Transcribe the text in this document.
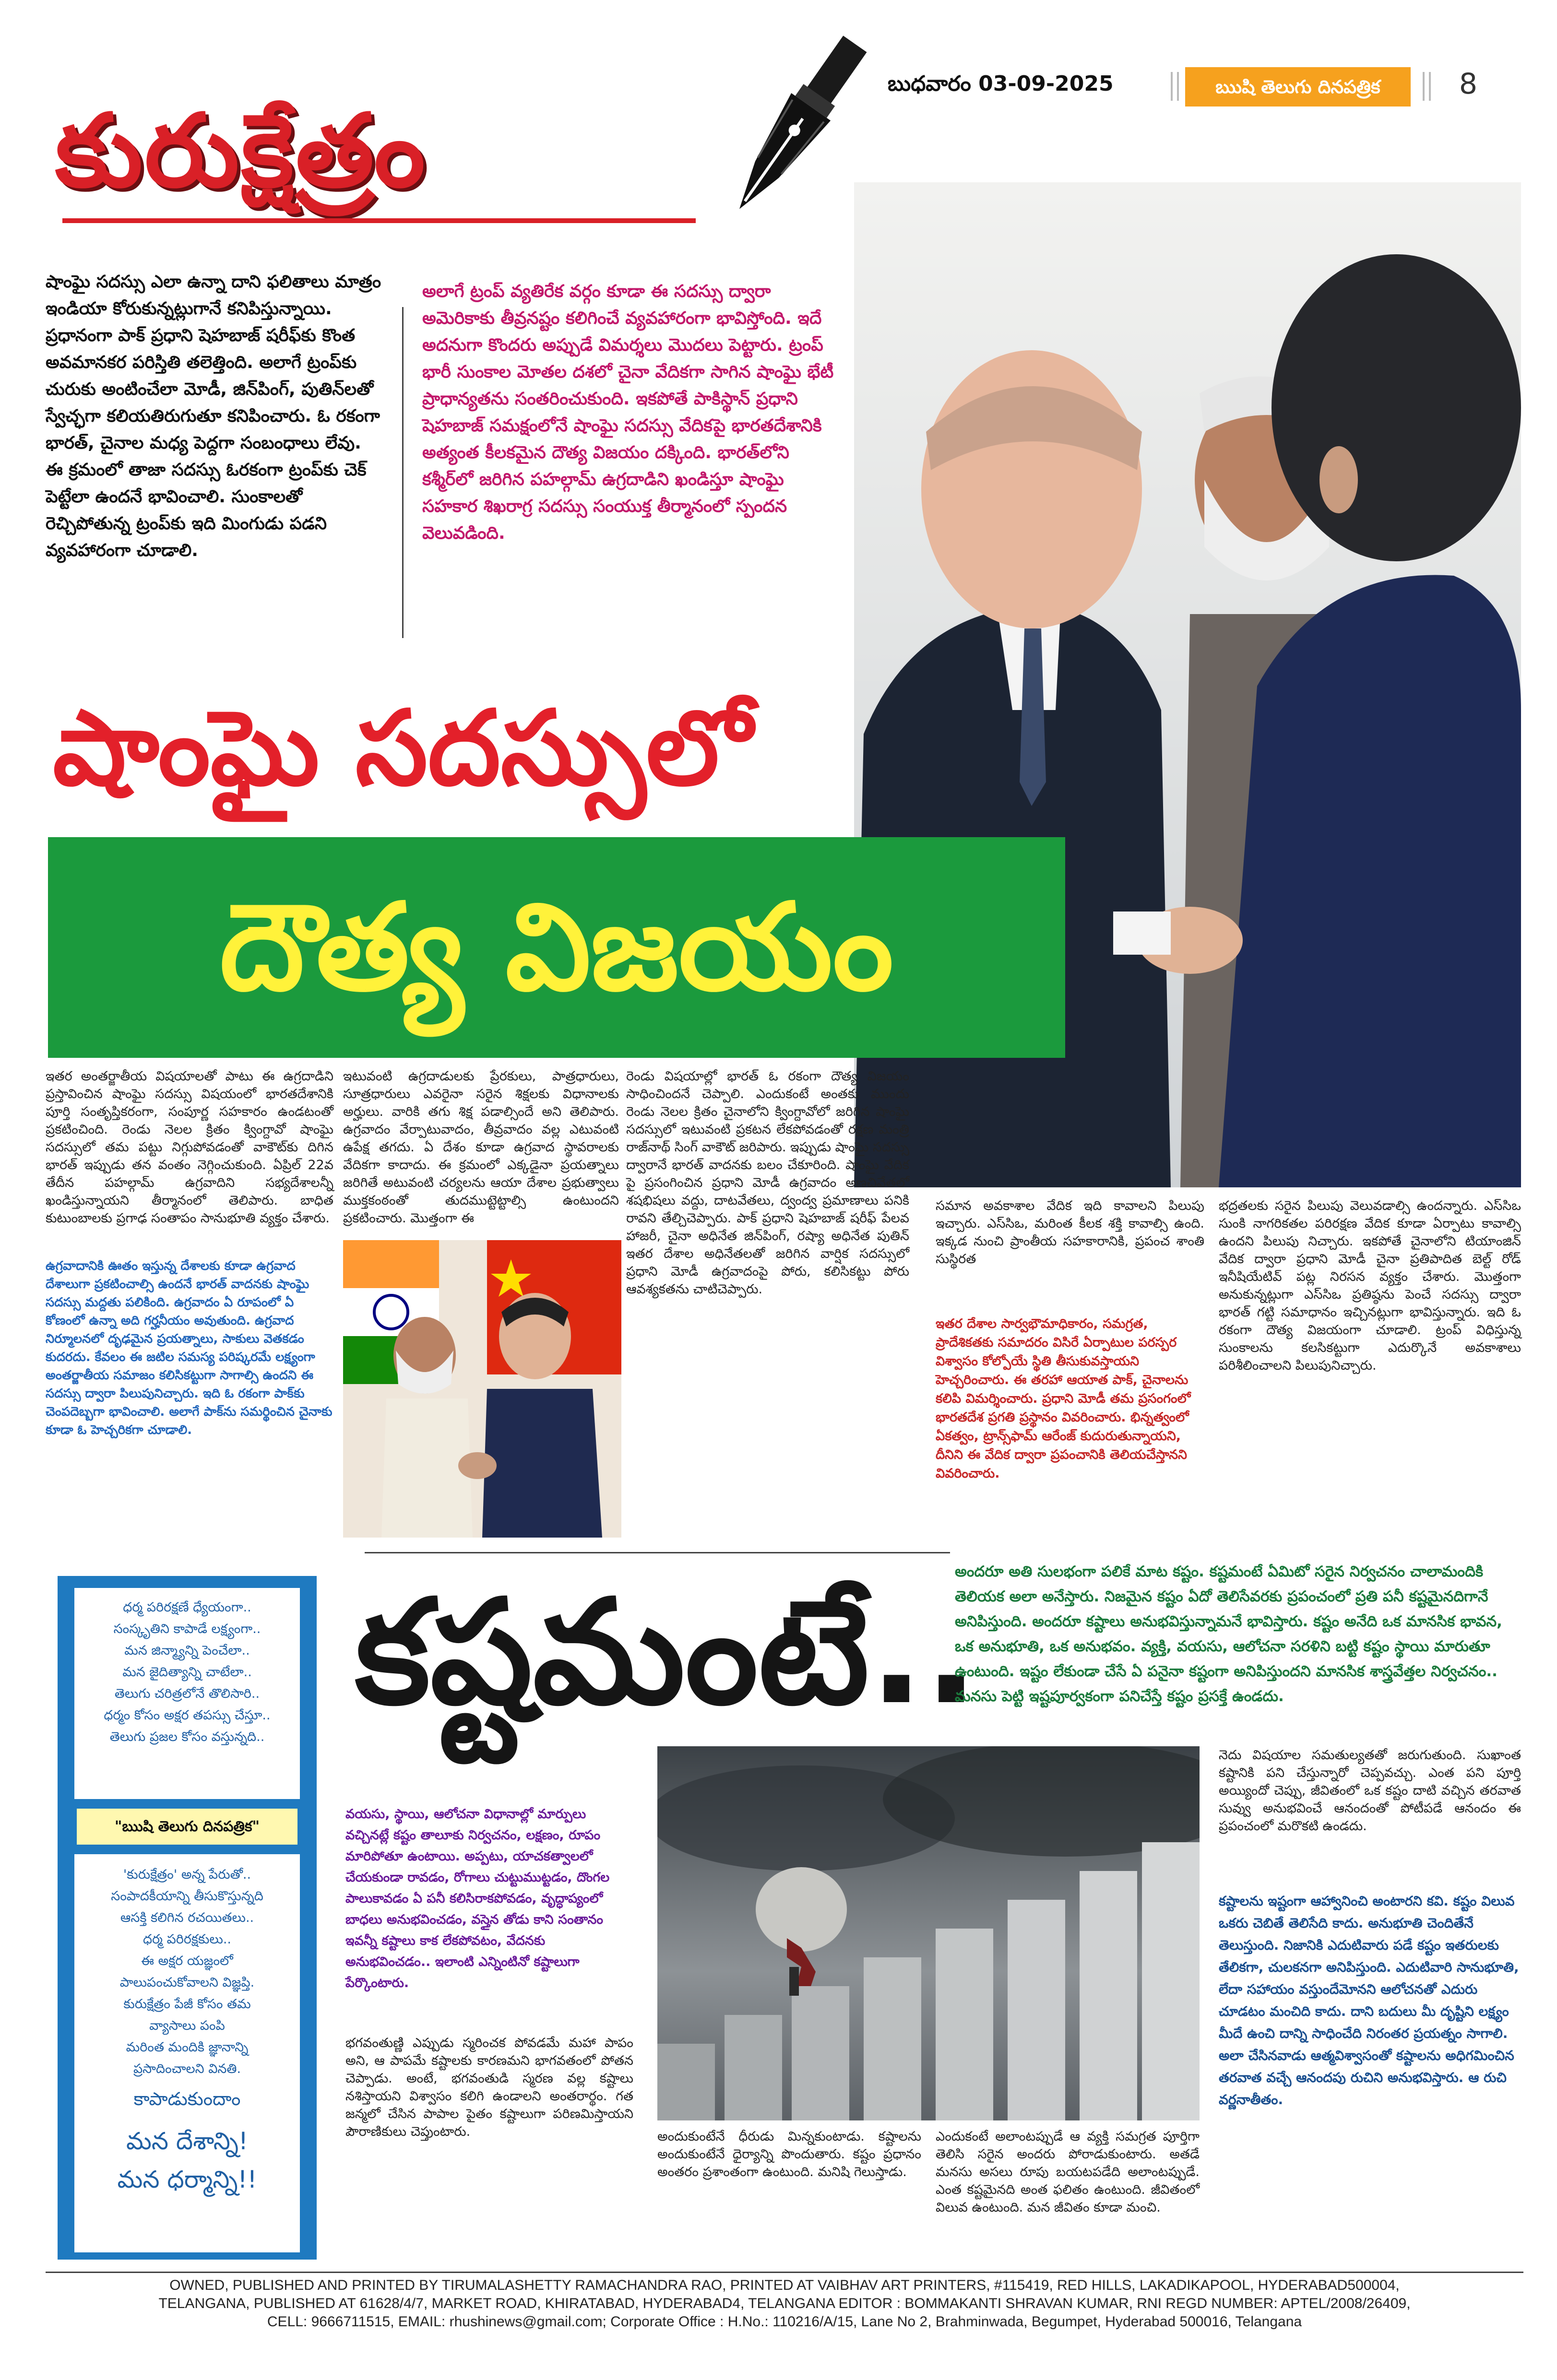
కురుక్షేత్రం
బుధవారం 03-09-2025	ఋషి తెలుగు దినపత్రిక	8
షాంఘై సదస్సు ఎలా ఉన్నా దాని ఫలితాలు మాత్రం ఇండియా కోరుకున్నట్లుగానే కనిపిస్తున్నాయి. ప్రధానంగా పాక్ ప్రధాని షెహబాజ్ షరీఫ్‌కు కొంత అవమానకర పరిస్తితి తలెత్తింది. అలాగే ట్రంప్‌కు చురుకు అంటించేలా మోడీ, జిన్‌పింగ్, పుతిన్‌లతో స్వేచ్ఛగా కలియతిరుగుతూ కనిపించారు. ఓ రకంగా భారత్, చైనాల మధ్య పెద్దగా సంబంధాలు లేవు. ఈ క్రమంలో తాజా సదస్సు ఓరకంగా ట్రంప్‌కు చెక్ పెట్టేలా ఉందనే భావించాలి. సుంకాలతో రెచ్చిపోతున్న ట్రంప్‌కు ఇది మింగుడు పడని వ్యవహారంగా చూడాలి.
అలాగే ట్రంప్ వ్యతిరేక వర్గం కూడా ఈ సదస్సు ద్వారా అమెరికాకు తీవ్రనష్టం కలిగించే వ్యవహారంగా భావిస్తోంది. ఇదే అదనుగా కొందరు అప్పుడే విమర్శలు మొదలు పెట్టారు. ట్రంప్ భారీ సుంకాల మోతల దశలో చైనా వేదికగా సాగిన షాంఘై భేటీ ప్రాధాన్యతను సంతరించుకుంది. ఇకపోతే పాకిస్థాన్ ప్రధాని షెహబాజ్ సమక్షంలోనే షాంఘై సదస్సు వేదికపై భారతదేశానికి అత్యంత కీలకమైన దౌత్య విజయం దక్కింది. భారత్‌లోని కశ్మీర్‌లో జరిగిన పహల్గామ్ ఉగ్రదాడిని ఖండిస్తూ షాంఘై సహకార శిఖరాగ్ర సదస్సు సంయుక్త తీర్మానంలో స్పందన వెలువడింది.
షాంఘై సదస్సులో
దౌత్య విజయం
ఇతర అంతర్జాతీయ విషయాలతో పాటు ఈ ఉగ్రదాడిని ప్రస్తావించిన షాంఘై సదస్సు విషయంలో భారతదేశానికి పూర్తి సంతృప్తికరంగా, సంపూర్ణ సహకారం ఉండటంతో ప్రకటించింది. రెండు నెలల క్రితం క్వింగ్దావో షాంఘై సదస్సులో తమ పట్టు నిగ్గుపోవడంతో వాకౌట్‌కు దిగిన భారత్ ఇప్పుడు తన వంతం నెగ్గించుకుంది. ఏప్రిల్ 22వ తేదీన పహల్గామ్ ఉగ్రవాదిని సభ్యదేశాలన్నీ ఖండిస్తున్నాయని తీర్మానంలో తెలిపారు. బాధిత కుటుంబాలకు ప్రగాఢ సంతాపం సానుభూతి వ్యక్తం చేశారు.
ఉగ్రవాదానికి ఊతం ఇస్తున్న దేశాలకు కూడా ఉగ్రవాద దేశాలుగా ప్రకటించాల్సి ఉందనే భారత్ వాదనకు షాంఘై సదస్సు మద్దతు పలికింది. ఉగ్రవాదం ఏ రూపంలో ఏ కోణంలో ఉన్నా అది గర్హనీయం అవుతుంది. ఉగ్రవాద నిర్మూలనలో దృఢమైన ప్రయత్నాలు, సాకులు వెతకడం కుదరదు. కేవలం ఈ జటిల సమస్య పరిష్కరమే లక్ష్యంగా అంతర్జాతీయ సమాజం కలిసికట్టుగా సాగాల్సి ఉందని ఈ సదస్సు ద్వారా పిలుపునిచ్చారు. ఇది ఓ రకంగా పాక్‌కు చెంపదెబ్బగా భావించాలి. అలాగే పాక్‌ను సమర్థించిన చైనాకు కూడా ఓ హెచ్చరికగా చూడాలి.
ఇటువంటి ఉగ్రదాడులకు ప్రేరకులు, పాత్రధారులు, సూత్రధారులు ఎవరైనా సరైన శిక్షలకు విధానాలకు అర్హులు. వారికి తగు శిక్ష పడాల్సిందే అని తెలిపారు. ఉగ్రవాదం వేర్పాటువాదం, తీవ్రవాదం వల్ల ఎటువంటి ఉపేక్ష తగదు. ఏ దేశం కూడా ఉగ్రవాద స్థావరాలకు వేదికగా కాదాదు. ఈ క్రమంలో ఎక్కడైనా ప్రయత్నాలు జరిగితే అటువంటి చర్యలను ఆయా దేశాల ప్రభుత్వాలు ముక్తకంఠంతో తుదముట్టెట్టాల్సి ఉంటుందని ప్రకటించారు. మొత్తంగా ఈ
రెండు విషయాల్లో భారత్ ఓ రకంగా దౌత్య విజయం సాధించిందనే చెప్పాలి. ఎందుకంటే అంతకు ముందు రెండు నెలల క్రితం చైనాలోని క్వింగ్దావోలో జరిగిన షాంఘై సదస్సులో ఇటువంటి ప్రకటన లేకపోవడంతో రక్షణ మంత్రి రాజ్‌నాథ్ సింగ్ వాకౌట్ జరిపారు. ఇప్పుడు షాంఘై సదస్సు ద్వారానే భారత్ వాదనకు బలం చేకూరింది. షాంఘై వేదిక పై ప్రసంగించిన ప్రధాని మోడీ ఉగ్రవాదం అణచివేతలో శషభిషలు వద్దు, దాటవేతలు, ద్వంద్వ ప్రమాణాలు పనికి రావని తేల్చిచెప్పారు. పాక్ ప్రధాని షెహబాజ్ షరీఫ్ పేలవ హాజరీ, చైనా అధినేత జిన్‌పింగ్, రష్యా అధినేత పుతిన్ ఇతర దేశాల అధినేతలతో జరిగిన వార్షిక సదస్సులో ప్రధాని మోడీ ఉగ్రవాదంపై పోరు, కలిసికట్టు పోరు ఆవశ్యకతను చాటిచెప్పారు.
సమాన అవకాశాల వేదిక ఇది కావాలని పిలుపు ఇచ్చారు. ఎస్‌సిఒ, మరింత కీలక శక్తి కావాల్సి ఉంది. ఇక్కడ నుంచి ప్రాంతీయ సహకారానికి, ప్రపంచ శాంతి సుస్థిరత
ఇతర దేశాల సార్వభౌమాధికారం, సమగ్రత, ప్రాదేశికతకు సమాదరం విసిరే ఏర్పాటుల పరస్పర విశ్వాసం కోల్పోయే స్థితి తీసుకువస్తాయని హెచ్చరించారు. ఈ తరహా ఆయాత పాక్, చైనాలను కలిపి విమర్శించారు. ప్రధాని మోడీ తమ ప్రసంగంలో భారతదేశ ప్రగతి ప్రస్థానం వివరించారు. భిన్నత్వంలో ఏకత్వం, ట్రాన్స్‌ఫామ్ ఆరేంజ్ కుదురుతున్నాయని, దీనిని ఈ వేదిక ద్వారా ప్రపంచానికి తెలియచేస్తానని వివరించారు.
భద్రతలకు సరైన పిలుపు వెలువడాల్సి ఉందన్నారు. ఎస్‌సిఒ సుంకి నాగరికతల పరిరక్షణ వేదిక కూడా ఏర్పాటు కావాల్సి ఉందని పిలుపు నిచ్చారు. ఇకపోతే చైనాలోని టియాంజిన్ వేదిక ద్వారా ప్రధాని మోడీ చైనా ప్రతిపాదిత బెల్ట్ రోడ్ ఇనీషియేటివ్ పట్ల నిరసన వ్యక్తం చేశారు. మొత్తంగా అనుకున్నట్లుగా ఎస్‌సిఒ ప్రతిష్ఠను పెంచే సదస్సు ద్వారా భారత్ గట్టి సమాధానం ఇచ్చినట్లుగా భావిస్తున్నారు. ఇది ఓ రకంగా దౌత్య విజయంగా చూడాలి. ట్రంప్ విధిస్తున్న సుంకాలను కలసికట్టుగా ఎదుర్కొనే అవకాశాలు పరిశీలించాలని పిలుపునిచ్చారు.
కష్టమంటే..
అందరూ అతి సులభంగా పలికే మాట కష్టం. కష్టమంటే ఏమిటో సరైన నిర్వచనం చాలామందికి తెలియక అలా అనేస్తారు. నిజమైన కష్టం ఏదో తెలిసేవరకు ప్రపంచంలో ప్రతి పనీ కష్టమైనదిగానే అనిపిస్తుంది. అందరూ కష్టాలు అనుభవిస్తున్నామనే భావిస్తారు. కష్టం అనేది ఒక మానసిక భావన, ఒక అనుభూతి, ఒక అనుభవం. వ్యక్తి, వయసు, ఆలోచనా సరళిని బట్టి కష్టం స్థాయి మారుతూ ఉంటుంది. ఇష్టం లేకుండా చేసే ఏ పనైనా కష్టంగా అనిపిస్తుందని మానసిక శాస్త్రవేత్తల నిర్వచనం.. మనసు పెట్టి ఇష్టపూర్వకంగా పనిచేస్తే కష్టం ప్రసక్తే ఉండదు.
ధర్మ పరిరక్షణే ధ్యేయంగా..
సంస్కృతిని కాపాడే లక్ష్యంగా..
మన జిన్మ్యాన్ని పెంచేలా..
మన జైదిత్యాన్ని చాటేలా..
తెలుగు చరిత్రలోనే తొలిసారి..
ధర్మం కోసం అక్షర తపస్సు చేస్తూ..
తెలుగు ప్రజల కోసం వస్తున్నది..
"ఋషి తెలుగు దినపత్రిక"
'కురుక్షేత్రం' అన్న పేరుతో..
సంపాదకీయాన్ని తీసుకొస్తున్నది
ఆసక్తి కలిగిన రచయితలు..
ధర్మ పరిరక్షకులు..
ఈ అక్షర యజ్ఞంలో
పాలుపంచుకోవాలని విజ్ఞప్తి.
కురుక్షేత్రం పేజీ కోసం తమ
వ్యాసాలు పంపి
మరింత మందికి జ్ఞానాన్ని
ప్రసాదించాలని వినతి.
కాపాడుకుందాం
మన దేశాన్ని!
మన ధర్మాన్ని!!
వయసు, స్థాయి, ఆలోచనా విధానాల్లో మార్పులు వచ్చినట్లే కష్టం తాలూకు నిర్వచనం, లక్షణం, రూపం మారిపోతూ ఉంటాయి. అప్పటు, యాచకత్వాలలో చేయకుండా రావడం, రోగాలు చుట్టుముట్టడం, దొంగల పాలుకావడం ఏ పనీ కలిసిరాకపోవడం, వృద్ధాప్యంలో బాధలు అనుభవించడం, వస్తైన తోడు కాని సంతానం ఇవన్నీ కష్టాలు కాక లేకపోవటం, వేదనకు అనుభవించడం.. ఇలాంటి ఎన్నింటినో కష్టాలుగా పేర్కొంటారు.
భగవంతుణ్ణి ఎప్పుడు స్మరించక పోవడమే మహా పాపం అని, ఆ పాపమే కష్టాలకు కారణమని భాగవతంలో పోతన చెప్పాడు. అంటే, భగవంతుడి స్మరణ వల్ల కష్టాలు నశిస్తాయని విశ్వాసం కలిగి ఉండాలని అంతరార్థం. గత జన్మలో చేసిన పాపాల పైతం కష్టాలుగా పరిణమిస్తాయని పౌరాణికులు చెప్తుంటారు.	అందుకుంటేనే ధీరుడు మిన్నకుంటాడు. కష్టాలను అందుకుంటేనే ధైర్యాన్ని పొందుతారు. కష్టం ప్రధానం అంతరం ప్రశాంతంగా ఉంటుంది. మనిషి గెలుస్తాడు.
ఎందుకంటే అలాంటప్పుడే ఆ వ్యక్తి సమగ్రత పూర్తిగా తెలిసి సరైన అందరు పోరాడుకుంటారు. అతడే మనసు అసలు రూపు బయటపడేది అలాంటప్పుడే. ఎంత కష్టమైనది అంత ఫలితం ఉంటుంది. జీవితంలో విలువ ఉంటుంది. మన జీవితం కూడా మంచి.
నెదు విషయాల సమతుల్యతతో జరుగుతుంది. సుఖాంత కష్టానికి పని చేస్తున్నారో చెప్పవచ్చు. ఎంత పని పూర్తి అయ్యిందో చెప్పు, జీవితంలో ఒక కష్టం దాటి వచ్చిన తరవాత సువ్వు అనుభవించే ఆనందంతో పోటీపడే ఆనందం ఈ ప్రపంచంలో మరొకటి ఉండదు.
కష్టాలను ఇష్టంగా ఆహ్వానించి అంటారని కవి. కష్టం విలువ ఒకరు చెబితే తెలిసేది కాదు. అనుభూతి చెందితేనే తెలుస్తుంది. నిజానికి ఎదుటివారు పడే కష్టం ఇతరులకు తేలికగా, చులకనగా అనిపిస్తుంది. ఎదుటివారి సానుభూతి, లేదా సహాయం వస్తుందేమోనని ఆలోచనతో ఎదురు చూడటం మంచిది కాదు. దాని బదులు మీ దృష్టిని లక్ష్యం మీదే ఉంచి దాన్ని సాధించేది నిరంతర ప్రయత్నం సాగాలి. అలా చేసినవాడు ఆత్మవిశ్వాసంతో కష్టాలను అధిగమించిన తరవాత వచ్చే ఆనందపు రుచిని అనుభవిస్తారు. ఆ రుచి వర్ణనాతీతం.
OWNED, PUBLISHED AND PRINTED BY TIRUMALASHETTY RAMACHANDRA RAO, PRINTED AT VAIBHAV ART PRINTERS, #115419, RED HILLS, LAKADIKAPOOL, HYDERABAD500004,
TELANGANA, PUBLISHED AT 61628/4/7, MARKET ROAD, KHIRATABAD, HYDERABAD4, TELANGANA EDITOR : BOMMAKANTI SHRAVAN KUMAR, RNI REGD NUMBER: APTEL/2008/26409,
CELL: 9666711515, EMAIL: rhushinews@gmail.com; Corporate Office : H.No.: 110216/A/15, Lane No 2, Brahminwada, Begumpet, Hyderabad 500016, Telangana
